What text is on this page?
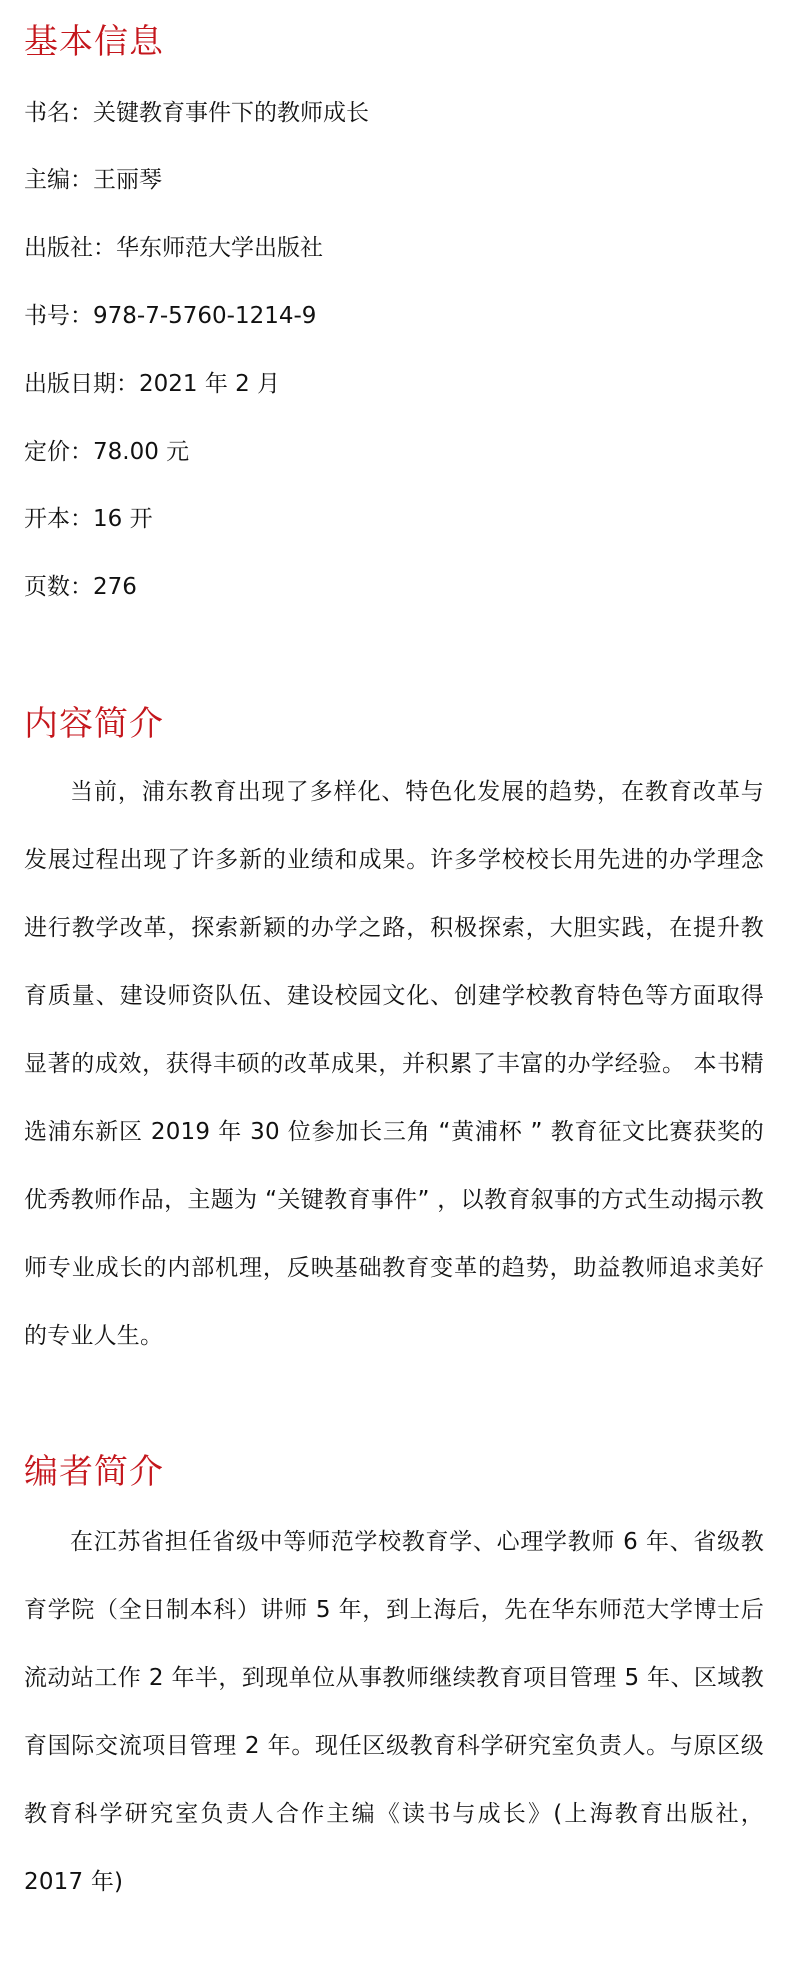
基本信息
书名：关键教育事件下的教师成长
主编：王丽琴
出版社：华东师范大学出版社
书号：978-7-5760-1214-9
出版日期：2021 年 2 月
定价：78.00 元
开本：16 开
页数：276
内容简介

当前，浦东教育出现了多样化、特色化发展的趋势，在教育改革与发展过程出现了许多新的业绩和成果。许多学校校长用先进的办学理念进行教学改革，探索新颖的办学之路，积极探索，大胆实践，在提升教育质量、建设师资队伍、建设校园文化、创建学校教育特色等方面取得显著的成效，获得丰硕的改革成果，并积累了丰富的办学经验。 本书精选浦东新区 2019 年 30 位参加长三角 “黄浦杯 ” 教育征文比赛获奖的优秀教师作品，主题为 “关键教育事件” ，以教育叙事的方式生动揭示教师专业成长的内部机理，反映基础教育变革的趋势，助益教师追求美好的专业人生。

编者简介

在江苏省担任省级中等师范学校教育学、心理学教师 6 年、省级教育学院（全日制本科）讲师 5 年，到上海后，先在华东师范大学博士后流动站工作 2 年半，到现单位从事教师继续教育项目管理 5 年、区域教育国际交流项目管理 2 年。现任区级教育科学研究室负责人。与原区级教育科学研究室负责人合作主编《读书与成长》(上海教育出版社，2017 年)
